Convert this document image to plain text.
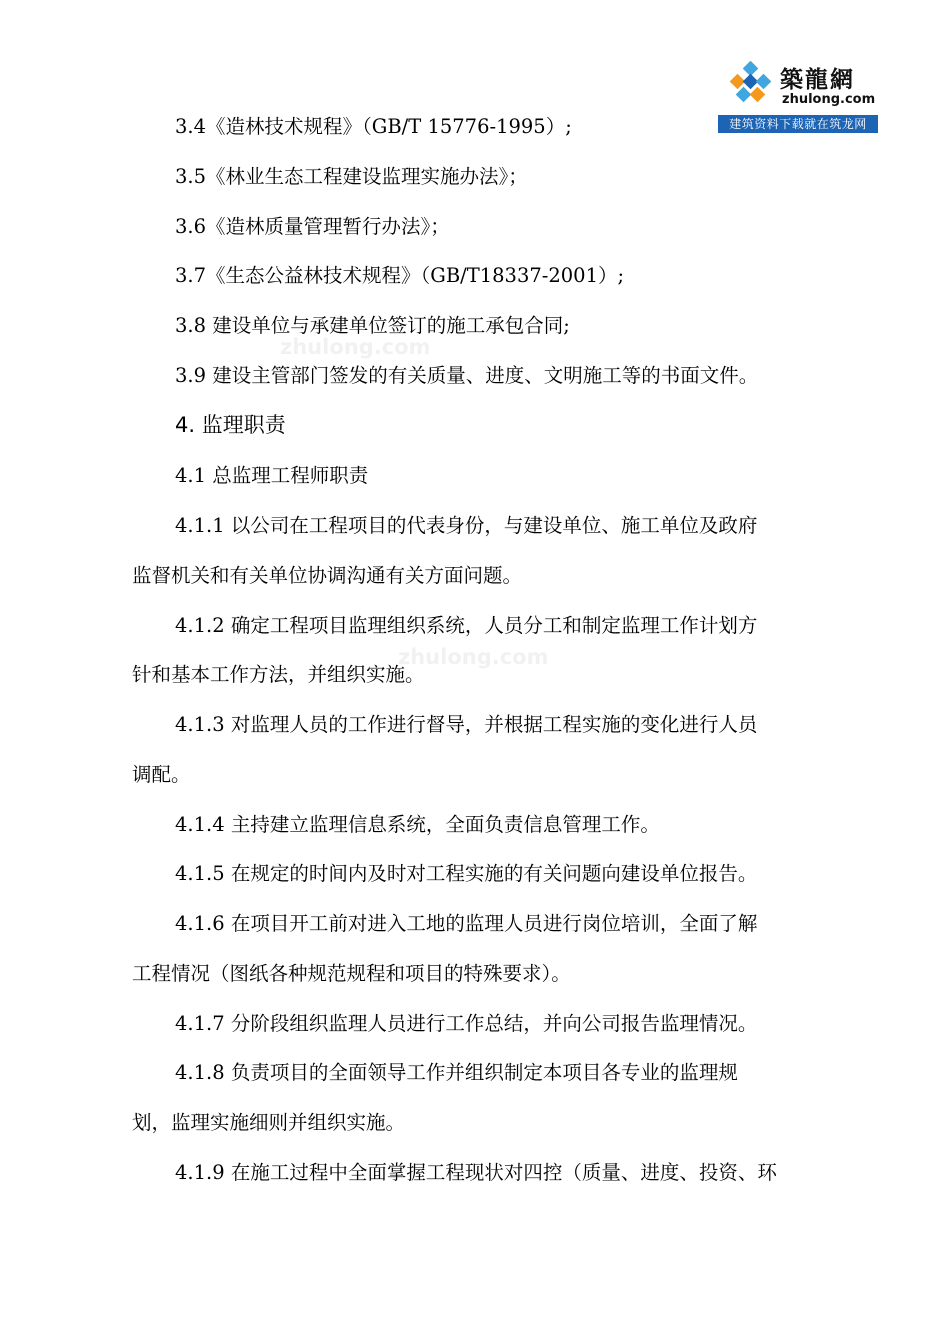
築龍網
zhulong.com
建筑资料下载就在筑龙网
zhulong.com
zhulong.com
3.4《造林技术规程》（GB/T 15776-1995）;
3.5《林业生态工程建设监理实施办法》；
3.6《造林质量管理暂行办法》；
3.7《生态公益林技术规程》（GB/T18337-2001）;
3.8 建设单位与承建单位签订的施工承包合同;
3.9 建设主管部门签发的有关质量、进度、文明施工等的书面文件。
4. 监理职责
4.1 总监理工程师职责
4.1.1 以公司在工程项目的代表身份，与建设单位、施工单位及政府
监督机关和有关单位协调沟通有关方面问题。
4.1.2 确定工程项目监理组织系统，人员分工和制定监理工作计划方
针和基本工作方法，并组织实施。
4.1.3 对监理人员的工作进行督导，并根据工程实施的变化进行人员
调配。
4.1.4 主持建立监理信息系统，全面负责信息管理工作。
4.1.5 在规定的时间内及时对工程实施的有关问题向建设单位报告。
4.1.6 在项目开工前对进入工地的监理人员进行岗位培训，全面了解
工程情况（图纸各种规范规程和项目的特殊要求）。
4.1.7 分阶段组织监理人员进行工作总结，并向公司报告监理情况。
4.1.8 负责项目的全面领导工作并组织制定本项目各专业的监理规
划，监理实施细则并组织实施。
4.1.9 在施工过程中全面掌握工程现状对四控（质量、进度、投资、环
